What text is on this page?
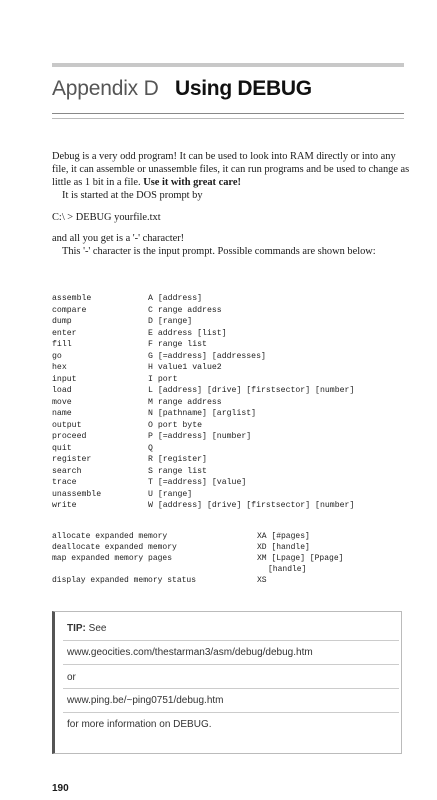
Appendix D Using DEBUG

Debug is a very odd program! It can be used to look into RAM directly or into any file, it can assemble or unassemble files, it can run programs and be used to change as little as 1 bit in a file. Use it with great care!

It is started at the DOS prompt by

C:\ > DEBUG yourfile.txt

and all you get is a '-' character!

This '-' character is the input prompt. Possible commands are shown below:

assemble	A [address]
compare	C range address
dump	D [range]
enter	E address [list]
fill	F range list
go	G [=address] [addresses]
hex	H value1 value2
input	I port
load	L [address] [drive] [firstsector] [number]
move	M range address
name	N [pathname] [arglist]
output	O port byte
proceed	P [=address] [number]
quit	Q
register	R [register]
search	S range list
trace	T [=address] [value]
unassemble	U [range]
write	W [address] [drive] [firstsector] [number]
allocate expanded memory	XA [#pages]
deallocate expanded memory	XD [handle]
map expanded memory pages	XM [Lpage] [Ppage]
[handle]
display expanded memory status	XS
TIP: See
www.geocities.com/thestarman3/asm/debug/debug.htm
or
www.ping.be/~ping0751/debug.htm
for more information on DEBUG.
190
